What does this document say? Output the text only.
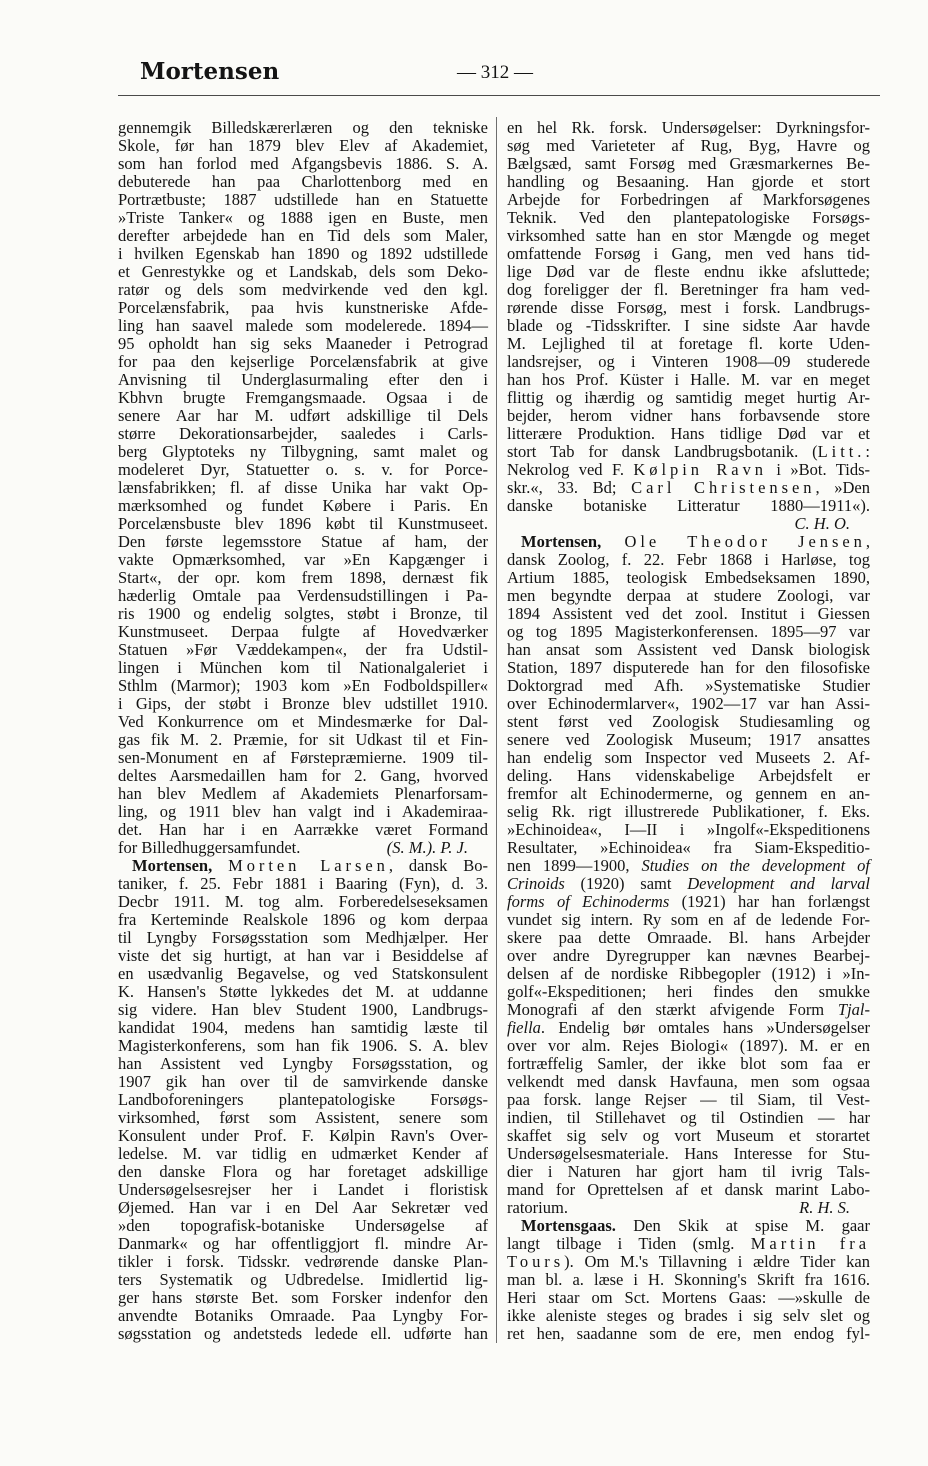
Mortensen	— 312 —
gennemgik Billedskærerlæren og den tekniske
Skole, før han 1879 blev Elev af Akademiet,
som han forlod med Afgangsbevis 1886. S. A.
debuterede han paa Charlottenborg med en
Portrætbuste; 1887 udstillede han en Statuette
»Triste Tanker« og 1888 igen en Buste, men
derefter arbejdede han en Tid dels som Maler,
i hvilken Egenskab han 1890 og 1892 udstillede
et Genrestykke og et Landskab, dels som Deko-
ratør og dels som medvirkende ved den kgl.
Porcelænsfabrik, paa hvis kunstneriske Afde-
ling han saavel malede som modelerede. 1894—
95 opholdt han sig seks Maaneder i Petrograd
for paa den kejserlige Porcelænsfabrik at give
Anvisning til Underglasurmaling efter den i
Kbhvn brugte Fremgangsmaade. Ogsaa i de
senere Aar har M. udført adskillige til Dels
større Dekorationsarbejder, saaledes i Carls-
berg Glyptoteks ny Tilbygning, samt malet og
modeleret Dyr, Statuetter o. s. v. for Porce-
lænsfabrikken; fl. af disse Unika har vakt Op-
mærksomhed og fundet Købere i Paris. En
Porcelænsbuste blev 1896 købt til Kunstmuseet.
Den første legemsstore Statue af ham, der
vakte Opmærksomhed, var »En Kapgænger i
Start«, der opr. kom frem 1898, dernæst fik
hæderlig Omtale paa Verdensudstillingen i Pa-
ris 1900 og endelig solgtes, støbt i Bronze, til
Kunstmuseet. Derpaa fulgte af Hovedværker
Statuen »Før Væddekampen«, der fra Udstil-
lingen i München kom til Nationalgaleriet i
Sthlm (Marmor); 1903 kom »En Fodboldspiller«
i Gips, der støbt i Bronze blev udstillet 1910.
Ved Konkurrence om et Mindesmærke for Dal-
gas fik M. 2. Præmie, for sit Udkast til et Fin-
sen-Monument en af Førstepræmierne. 1909 til-
deltes Aarsmedaillen ham for 2. Gang, hvorved
han blev Medlem af Akademiets Plenarforsam-
ling, og 1911 blev han valgt ind i Akademiraa-
det. Han har i en Aarrække været Formand
for Billedhuggersamfundet.	(S. M.). P. J.
Mortensen, Morten Larsen, dansk Bo-
taniker, f. 25. Febr 1881 i Baaring (Fyn), d. 3.
Decbr 1911. M. tog alm. Forberedelseseksamen
fra Kerteminde Realskole 1896 og kom derpaa
til Lyngby Forsøgsstation som Medhjælper. Her
viste det sig hurtigt, at han var i Besiddelse af
en usædvanlig Begavelse, og ved Statskonsulent
K. Hansen's Støtte lykkedes det M. at uddanne
sig videre. Han blev Student 1900, Landbrugs-
kandidat 1904, medens han samtidig læste til
Magisterkonferens, som han fik 1906. S. A. blev
han Assistent ved Lyngby Forsøgsstation, og
1907 gik han over til de samvirkende danske
Landboforeningers plantepatologiske Forsøgs-
virksomhed, først som Assistent, senere som
Konsulent under Prof. F. Kølpin Ravn's Over-
ledelse. M. var tidlig en udmærket Kender af
den danske Flora og har foretaget adskillige
Undersøgelsesrejser her i Landet i floristisk
Øjemed. Han var i en Del Aar Sekretær ved
»den topografisk-botaniske Undersøgelse af
Danmark« og har offentliggjort fl. mindre Ar-
tikler i forsk. Tidsskr. vedrørende danske Plan-
ters Systematik og Udbredelse. Imidlertid lig-
ger hans største Bet. som Forsker indenfor den
anvendte Botaniks Omraade. Paa Lyngby For-
søgsstation og andetsteds ledede ell. udførte han
en hel Rk. forsk. Undersøgelser: Dyrkningsfor-
søg med Varieteter af Rug, Byg, Havre og
Bælgsæd, samt Forsøg med Græsmarkernes Be-
handling og Besaaning. Han gjorde et stort
Arbejde for Forbedringen af Markforsøgenes
Teknik. Ved den plantepatologiske Forsøgs-
virksomhed satte han en stor Mængde og meget
omfattende Forsøg i Gang, men ved hans tid-
lige Død var de fleste endnu ikke afsluttede;
dog foreligger der fl. Beretninger fra ham ved-
rørende disse Forsøg, mest i forsk. Landbrugs-
blade og -Tidsskrifter. I sine sidste Aar havde
M. Lejlighed til at foretage fl. korte Uden-
landsrejser, og i Vinteren 1908—09 studerede
han hos Prof. Küster i Halle. M. var en meget
flittig og ihærdig og samtidig meget hurtig Ar-
bejder, herom vidner hans forbavsende store
litterære Produktion. Hans tidlige Død var et
stort Tab for dansk Landbrugsbotanik. (Litt.:
Nekrolog ved F. Kølpin Ravn i »Bot. Tids-
skr.«, 33. Bd; Carl Christensen, »Den
danske botaniske Litteratur 1880—1911«).
C. H. O.
Mortensen, Ole Theodor Jensen,
dansk Zoolog, f. 22. Febr 1868 i Harløse, tog
Artium 1885, teologisk Embedseksamen 1890,
men begyndte derpaa at studere Zoologi, var
1894 Assistent ved det zool. Institut i Giessen
og tog 1895 Magisterkonferensen. 1895—97 var
han ansat som Assistent ved Dansk biologisk
Station, 1897 disputerede han for den filosofiske
Doktorgrad med Afh. »Systematiske Studier
over Echinodermlarver«, 1902—17 var han Assi-
stent først ved Zoologisk Studiesamling og
senere ved Zoologisk Museum; 1917 ansattes
han endelig som Inspector ved Museets 2. Af-
deling. Hans videnskabelige Arbejdsfelt er
fremfor alt Echinodermerne, og gennem en an-
selig Rk. rigt illustrerede Publikationer, f. Eks.
»Echinoidea«, I—II i »Ingolf«-Ekspeditionens
Resultater, »Echinoidea« fra Siam-Ekspeditio-
nen 1899—1900, Studies on the development of
Crinoids (1920) samt Development and larval
forms of Echinoderms (1921) har han forlængst
vundet sig intern. Ry som en af de ledende For-
skere paa dette Omraade. Bl. hans Arbejder
over andre Dyregrupper kan nævnes Bearbej-
delsen af de nordiske Ribbegopler (1912) i »In-
golf«-Ekspeditionen; heri findes den smukke
Monografi af den stærkt afvigende Form Tjal-
fiella. Endelig bør omtales hans »Undersøgelser
over vor alm. Rejes Biologi« (1897). M. er en
fortræffelig Samler, der ikke blot som faa er
velkendt med dansk Havfauna, men som ogsaa
paa forsk. lange Rejser — til Siam, til Vest-
indien, til Stillehavet og til Ostindien — har
skaffet sig selv og vort Museum et storartet
Undersøgelsesmateriale. Hans Interesse for Stu-
dier i Naturen har gjort ham til ivrig Tals-
mand for Oprettelsen af et dansk marint Labo-
ratorium.	R. H. S.
Mortensgaas. Den Skik at spise M. gaar
langt tilbage i Tiden (smlg. Martin fra
Tours). Om M.'s Tillavning i ældre Tider kan
man bl. a. læse i H. Skonning's Skrift fra 1616.
Heri staar om Sct. Mortens Gaas: —»skulle de
ikke aleniste steges og brades i sig selv slet og
ret hen, saadanne som de ere, men endog fyl-
